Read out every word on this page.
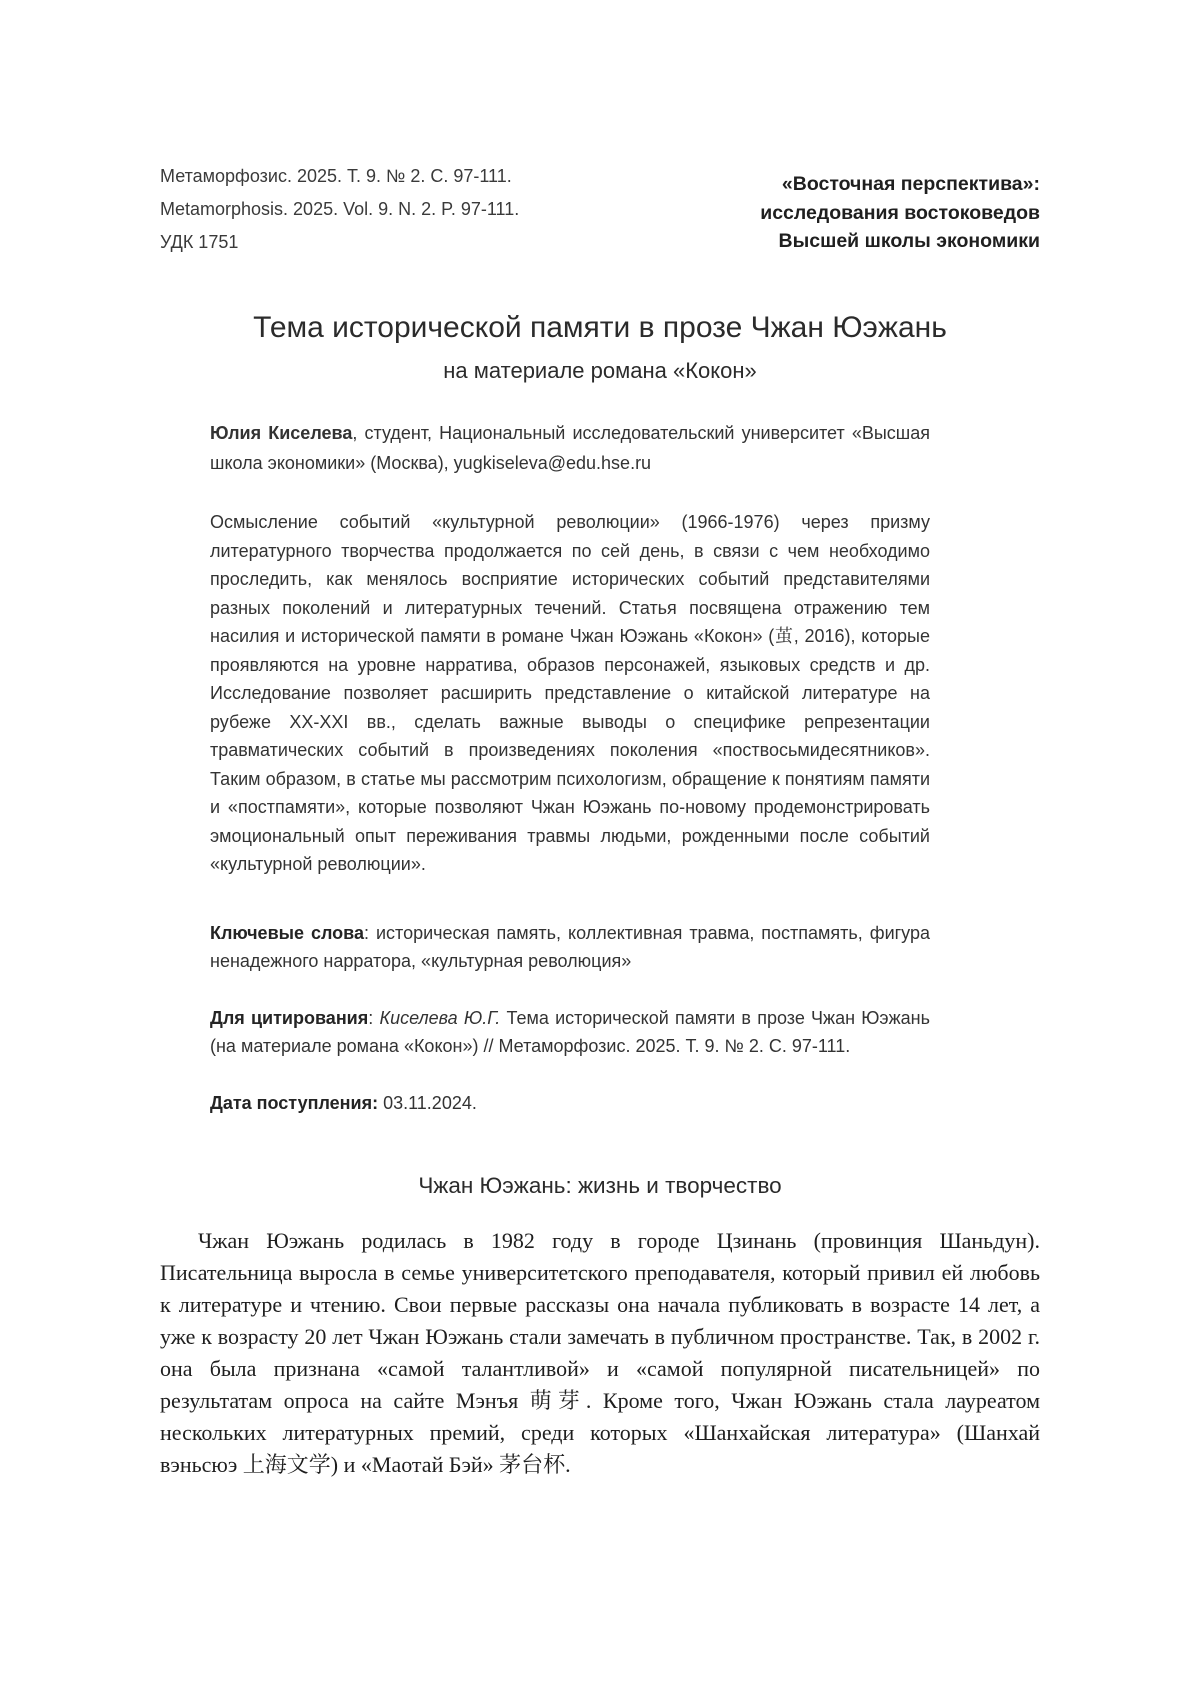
Метаморфозис. 2025. Т. 9. № 2. С. 97-111.
Metamorphosis. 2025. Vol. 9. N. 2. P. 97-111.
УДК 1751
«Восточная перспектива»:
исследования востоковедов
Высшей школы экономики
Тема исторической памяти в прозе Чжан Юэжань
на материале романа «Кокон»
Юлия Киселева, студент, Национальный исследовательский университет «Высшая школа экономики» (Москва), yugkiseleva@edu.hse.ru
Осмысление событий «культурной революции» (1966-1976) через призму литературного творчества продолжается по сей день, в связи с чем необходимо проследить, как менялось восприятие исторических событий представителями разных поколений и литературных течений. Статья посвящена отражению тем насилия и исторической памяти в романе Чжан Юэжань «Кокон» (茧, 2016), которые проявляются на уровне нарратива, образов персонажей, языковых средств и др. Исследование позволяет расширить представление о китайской литературе на рубеже XX-XXI вв., сделать важные выводы о специфике репрезентации травматических событий в произведениях поколения «поствосьмидесятников». Таким образом, в статье мы рассмотрим психологизм, обращение к понятиям памяти и «постпамяти», которые позволяют Чжан Юэжань по-новому продемонстрировать эмоциональный опыт переживания травмы людьми, рожденными после событий «культурной революции».
Ключевые слова: историческая память, коллективная травма, постпамять, фигура ненадежного нарратора, «культурная революция»
Для цитирования: Киселева Ю.Г. Тема исторической памяти в прозе Чжан Юэжань (на материале романа «Кокон») // Метаморфозис. 2025. Т. 9. № 2. С. 97-111.
Дата поступления: 03.11.2024.
Чжан Юэжань: жизнь и творчество
Чжан Юэжань родилась в 1982 году в городе Цзинань (провинция Шаньдун). Писательница выросла в семье университетского преподавателя, который привил ей любовь к литературе и чтению. Свои первые рассказы она начала публиковать в возрасте 14 лет, а уже к возрасту 20 лет Чжан Юэжань стали замечать в публичном пространстве. Так, в 2002 г. она была признана «самой талантливой» и «самой популярной писательницей» по результатам опроса на сайте Мэнъя 萌芽. Кроме того, Чжан Юэжань стала лауреатом нескольких литературных премий, среди которых «Шанхайская литература» (Шанхай вэньсюэ 上海文学) и «Маотай Бэй» 茅台杯.
